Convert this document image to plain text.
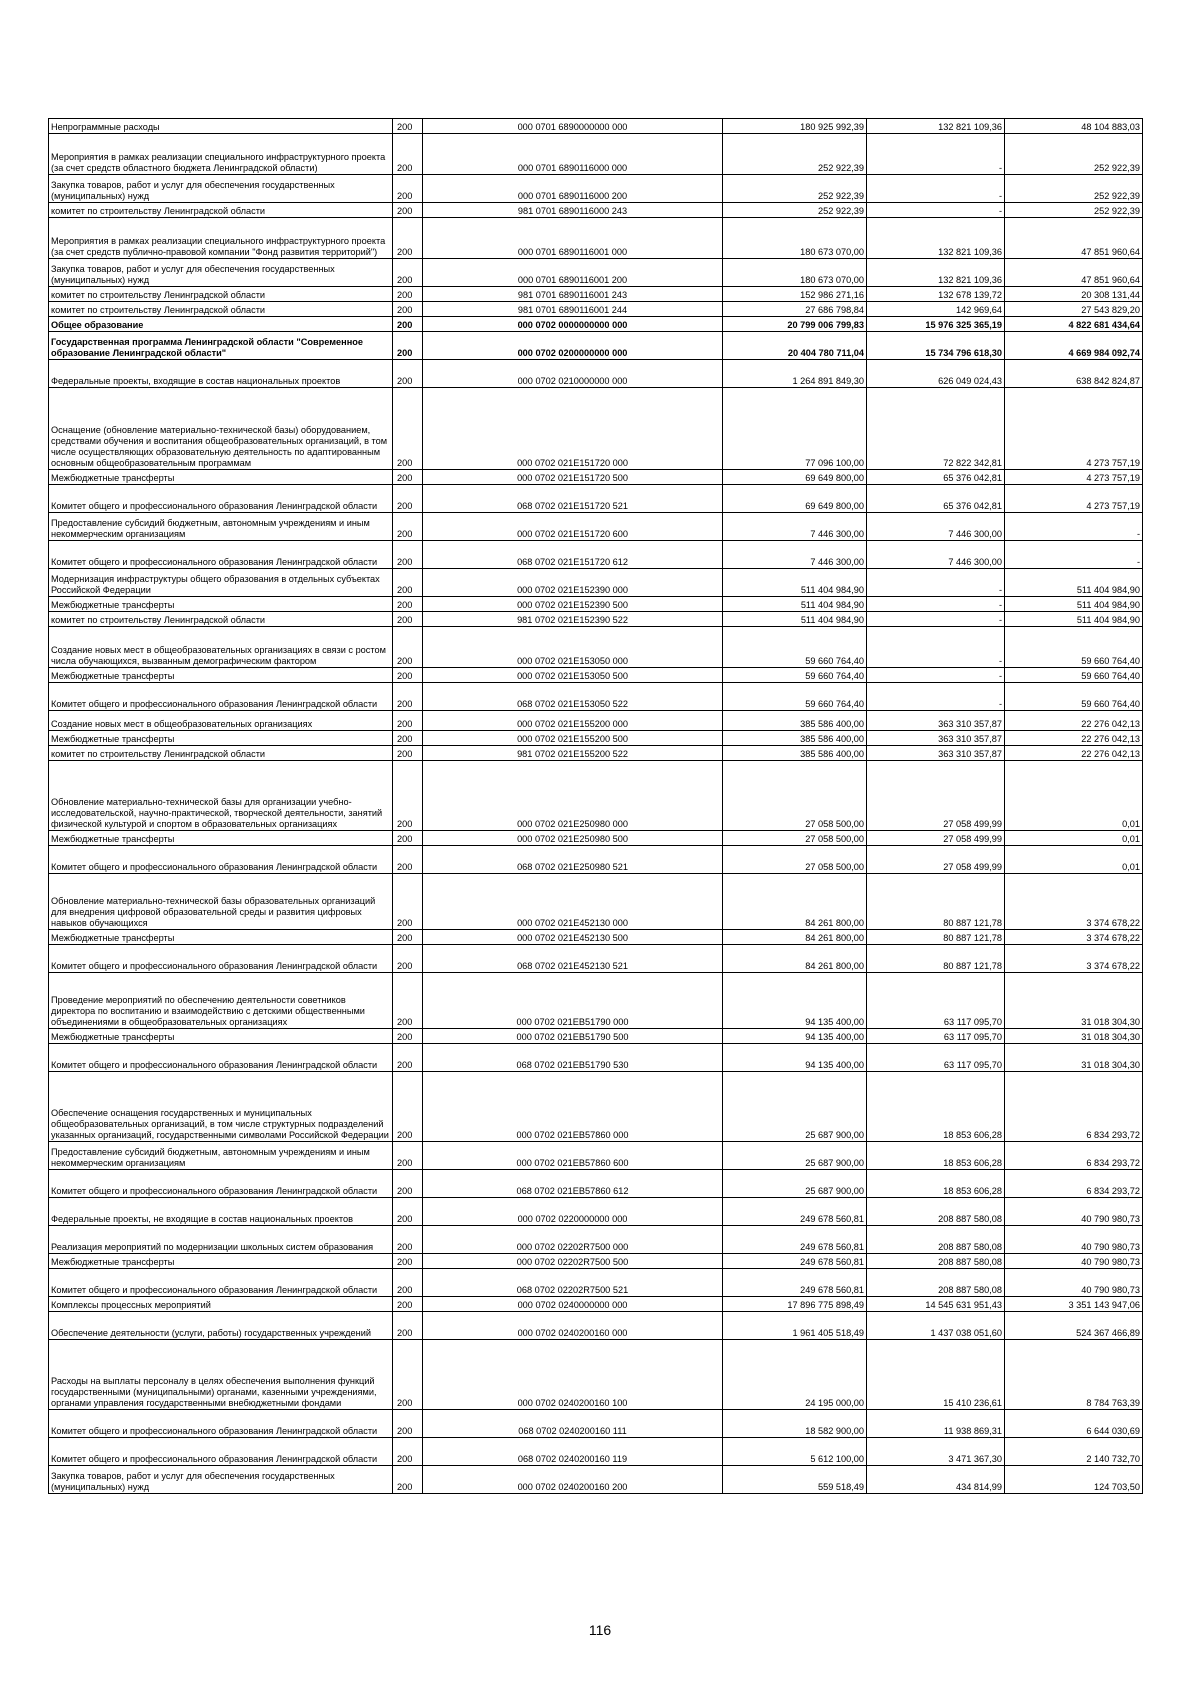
Непрограммные расходы	200	000 0701 6890000000 000	180 925 992,39	132 821 109,36	48 104 883,03
Мероприятия в рамках реализации специального инфраструктурного проекта (за счет средств областного бюджета Ленинградской области)	200	000 0701 6890116000 000	252 922,39	-	252 922,39
Закупка товаров, работ и услуг для обеспечения государственных (муниципальных) нужд	200	000 0701 6890116000 200	252 922,39	-	252 922,39
комитет по строительству Ленинградской области	200	981 0701 6890116000 243	252 922,39	-	252 922,39
Мероприятия в рамках реализации специального инфраструктурного проекта (за счет средств публично-правовой компании "Фонд развития территорий")	200	000 0701 6890116001 000	180 673 070,00	132 821 109,36	47 851 960,64
Закупка товаров, работ и услуг для обеспечения государственных (муниципальных) нужд	200	000 0701 6890116001 200	180 673 070,00	132 821 109,36	47 851 960,64
комитет по строительству Ленинградской области	200	981 0701 6890116001 243	152 986 271,16	132 678 139,72	20 308 131,44
комитет по строительству Ленинградской области	200	981 0701 6890116001 244	27 686 798,84	142 969,64	27 543 829,20
Общее образование	200	000 0702 0000000000 000	20 799 006 799,83	15 976 325 365,19	4 822 681 434,64
Государственная программа Ленинградской области "Современное образование Ленинградской области"	200	000 0702 0200000000 000	20 404 780 711,04	15 734 796 618,30	4 669 984 092,74
Федеральные проекты, входящие в состав национальных проектов	200	000 0702 0210000000 000	1 264 891 849,30	626 049 024,43	638 842 824,87
Оснащение (обновление материально-технической базы) оборудованием, средствами обучения и воспитания общеобразовательных организаций, в том числе осуществляющих образовательную деятельность по адаптированным основным общеобразовательным программам	200	000 0702 021E151720 000	77 096 100,00	72 822 342,81	4 273 757,19
Межбюджетные трансферты	200	000 0702 021E151720 500	69 649 800,00	65 376 042,81	4 273 757,19
Комитет общего и профессионального образования Ленинградской области	200	068 0702 021E151720 521	69 649 800,00	65 376 042,81	4 273 757,19
Предоставление субсидий бюджетным, автономным учреждениям и иным некоммерческим организациям	200	000 0702 021E151720 600	7 446 300,00	7 446 300,00	-
Комитет общего и профессионального образования Ленинградской области	200	068 0702 021E151720 612	7 446 300,00	7 446 300,00	-
Модернизация инфраструктуры общего образования в отдельных субъектах Российской Федерации	200	000 0702 021E152390 000	511 404 984,90	-	511 404 984,90
Межбюджетные трансферты	200	000 0702 021E152390 500	511 404 984,90	-	511 404 984,90
комитет по строительству Ленинградской области	200	981 0702 021E152390 522	511 404 984,90	-	511 404 984,90
Создание новых мест в общеобразовательных организациях в связи с ростом числа обучающихся, вызванным демографическим фактором	200	000 0702 021E153050 000	59 660 764,40	-	59 660 764,40
Межбюджетные трансферты	200	000 0702 021E153050 500	59 660 764,40	-	59 660 764,40
Комитет общего и профессионального образования Ленинградской области	200	068 0702 021E153050 522	59 660 764,40	-	59 660 764,40
Создание новых мест в общеобразовательных организациях	200	000 0702 021E155200 000	385 586 400,00	363 310 357,87	22 276 042,13
Межбюджетные трансферты	200	000 0702 021E155200 500	385 586 400,00	363 310 357,87	22 276 042,13
комитет по строительству Ленинградской области	200	981 0702 021E155200 522	385 586 400,00	363 310 357,87	22 276 042,13
Обновление материально-технической базы для организации учебно-исследовательской, научно-практической, творческой деятельности, занятий физической культурой и спортом в образовательных организациях	200	000 0702 021E250980 000	27 058 500,00	27 058 499,99	0,01
Межбюджетные трансферты	200	000 0702 021E250980 500	27 058 500,00	27 058 499,99	0,01
Комитет общего и профессионального образования Ленинградской области	200	068 0702 021E250980 521	27 058 500,00	27 058 499,99	0,01
Обновление материально-технической базы образовательных организаций для внедрения цифровой образовательной среды и развития цифровых навыков обучающихся	200	000 0702 021E452130 000	84 261 800,00	80 887 121,78	3 374 678,22
Межбюджетные трансферты	200	000 0702 021E452130 500	84 261 800,00	80 887 121,78	3 374 678,22
Комитет общего и профессионального образования Ленинградской области	200	068 0702 021E452130 521	84 261 800,00	80 887 121,78	3 374 678,22
Проведение мероприятий по обеспечению деятельности советников директора по воспитанию и взаимодействию с детскими общественными объединениями в общеобразовательных организациях	200	000 0702 021EB51790 000	94 135 400,00	63 117 095,70	31 018 304,30
Межбюджетные трансферты	200	000 0702 021EB51790 500	94 135 400,00	63 117 095,70	31 018 304,30
Комитет общего и профессионального образования Ленинградской области	200	068 0702 021EB51790 530	94 135 400,00	63 117 095,70	31 018 304,30
Обеспечение оснащения государственных и муниципальных общеобразовательных организаций, в том числе структурных подразделений указанных организаций, государственными символами Российской Федерации	200	000 0702 021EB57860 000	25 687 900,00	18 853 606,28	6 834 293,72
Предоставление субсидий бюджетным, автономным учреждениям и иным некоммерческим организациям	200	000 0702 021EB57860 600	25 687 900,00	18 853 606,28	6 834 293,72
Комитет общего и профессионального образования Ленинградской области	200	068 0702 021EB57860 612	25 687 900,00	18 853 606,28	6 834 293,72
Федеральные проекты, не входящие в состав национальных проектов	200	000 0702 0220000000 000	249 678 560,81	208 887 580,08	40 790 980,73
Реализация мероприятий по модернизации школьных систем образования	200	000 0702 02202R7500 000	249 678 560,81	208 887 580,08	40 790 980,73
Межбюджетные трансферты	200	000 0702 02202R7500 500	249 678 560,81	208 887 580,08	40 790 980,73
Комитет общего и профессионального образования Ленинградской области	200	068 0702 02202R7500 521	249 678 560,81	208 887 580,08	40 790 980,73
Комплексы процессных мероприятий	200	000 0702 0240000000 000	17 896 775 898,49	14 545 631 951,43	3 351 143 947,06
Обеспечение деятельности (услуги, работы) государственных учреждений	200	000 0702 0240200160 000	1 961 405 518,49	1 437 038 051,60	524 367 466,89
Расходы на выплаты персоналу в целях обеспечения выполнения функций государственными (муниципальными) органами, казенными учреждениями, органами управления государственными внебюджетными фондами	200	000 0702 0240200160 100	24 195 000,00	15 410 236,61	8 784 763,39
Комитет общего и профессионального образования Ленинградской области	200	068 0702 0240200160 111	18 582 900,00	11 938 869,31	6 644 030,69
Комитет общего и профессионального образования Ленинградской области	200	068 0702 0240200160 119	5 612 100,00	3 471 367,30	2 140 732,70
Закупка товаров, работ и услуг для обеспечения государственных (муниципальных) нужд	200	000 0702 0240200160 200	559 518,49	434 814,99	124 703,50
116
